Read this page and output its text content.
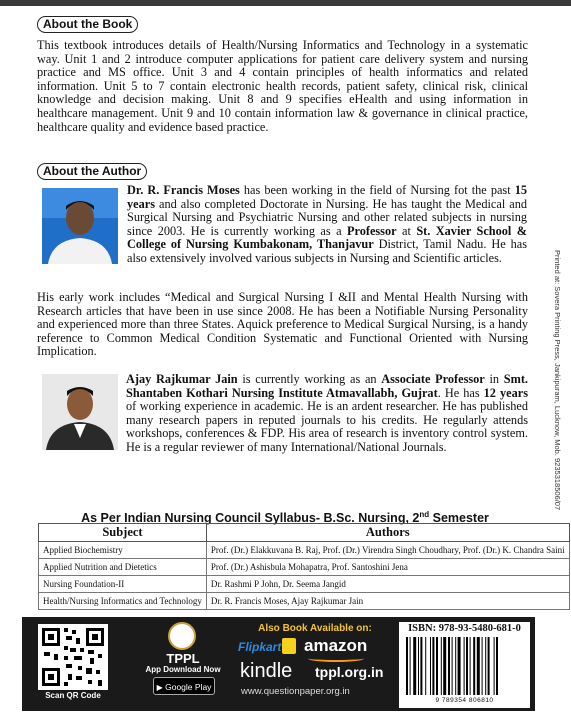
About the Book
This textbook introduces details of Health/Nursing Informatics and Technology in a systematic way. Unit 1 and 2 introduce computer applications for patient care delivery system and nursing practice and MS office. Unit 3 and 4 contain principles of health informatics and related information. Unit 5 to 7 contain electronic health records, patient safety, clinical risk, clinical knowledge and decision making. Unit 8 and 9 specifies eHealth and using information in healthcare management. Unit 9 and 10 contain information law & governance in clinical practice, healthcare quality and evidence based practice.
About the Author
Dr. R. Francis Moses has been working in the field of Nursing fot the past 15 years and also completed Doctorate in Nursing. He has taught the Medical and Surgical Nursing and Psychiatric Nursing and other related subjects in nursing since 2003. He is currently working as a Professor at St. Xavier School & College of Nursing Kumbakonam, Thanjavur District, Tamil Nadu. He has also extensively involved various subjects in Nursing and Scientific articles.
His early work includes “Medical and Surgical Nursing I &II and Mental Health Nursing with Research articles that have been in use since 2008. He has been a Notifiable Nursing Personality and experienced more than three States. Aquick preference to Medical Surgical Nursing, is a handy reference to Common Medical Condition Systematic and Functional Oriented with Nursing Implication.
Ajay Rajkumar Jain is currently working as an Associate Professor in Smt. Shantaben Kothari Nursing Institute Atmavallabh, Gujrat. He has 12 years of working experience in academic. He is an ardent researcher. He has published many research papers in reputed journals to his credits. He regularly attends workshops, conferences & FDP. His area of research is inventory control system. He is a regular reviewer of many International/National Journals.	Printed at: Sovera Printing Press, Jankipuram, Lucknow, Mob. 9235318506/07
As Per Indian Nursing Council Syllabus- B.Sc. Nursing, 2nd Semester
Subject	Authors
Applied Biochemistry	Prof. (Dr.) Elakkuvana B. Raj, Prof. (Dr.) Virendra Singh Choudhary, Prof. (Dr.) K. Chandra Saini
Applied Nutrition and Dietetics	Prof. (Dr.) Ashisbula Mohapatra, Prof. Santoshini Jena
Nursing Foundation-II	Dr. Rashmi P John, Dr. Seema Jangid
Health/Nursing Informatics and Technology	Dr. R. Francis Moses, Ajay Rajkumar Jain
Scan QR Code
TPPL
App Download Now
▶ Google Play
Also Book Available on:
Flipkart amazon
kindle tppl.org.in
www.questionpaper.org.in
ISBN: 978-93-5480-681-0
9 789354 806810
